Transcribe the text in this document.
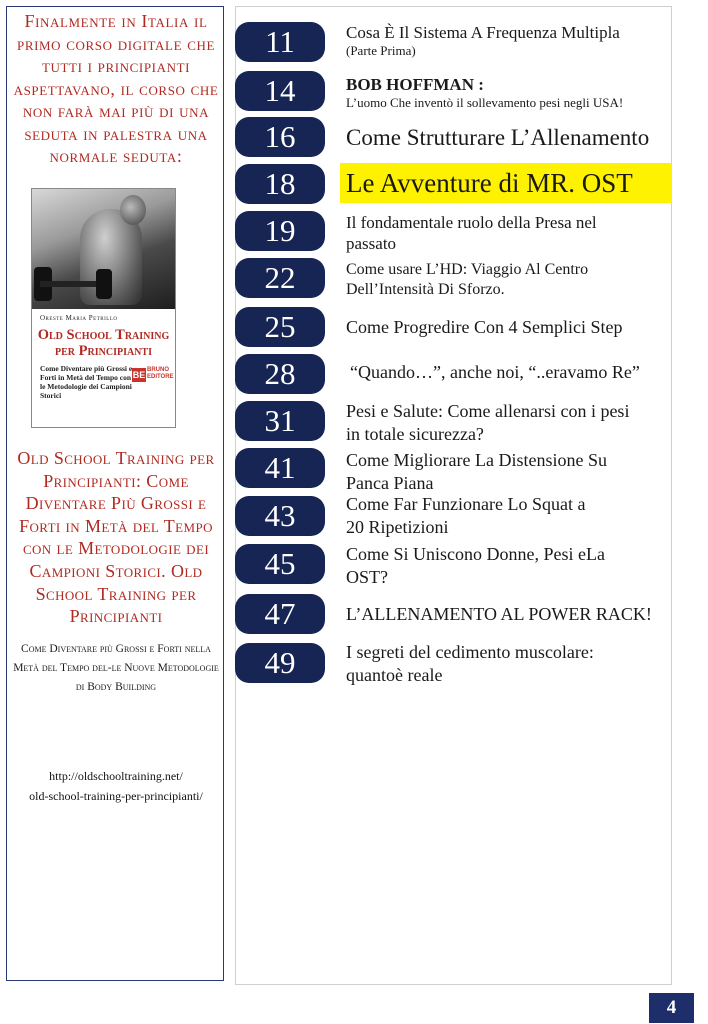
Finalmente in Italia il primo corso digitale che tutti i principianti aspettavano, il corso che non farà mai più di una seduta in palestra una normale seduta:
Oreste Maria Petrillo
Old School Training per Principianti
Come Diventare più Grossi e Forti in Metà del Tempo con le Metodologie dei Campioni Storici
BE BRUNO EDITORE
Old School Training per Principianti: Come Diventare Più Grossi e Forti in Metà del Tempo con le Metodologie dei Campioni Storici. Old School Training per Principianti
Come Diventare più Grossi e Forti nella Metà del Tempo del-le Nuove Metodologie di Body Building
http://oldschooltraining.net/
old-school-training-per-principianti/
11	Cosa È Il Sistema A Frequenza Multipla
(Parte Prima)
14	BOB HOFFMAN :
L’uomo Che inventò il sollevamento pesi negli USA!
16	Come Strutturare L’Allenamento
18	Le Avventure di MR. OST
19	Il fondamentale ruolo della Presa nel
passato
22	Come usare L’HD: Viaggio Al Centro
Dell’Intensità Di Sforzo.
25	Come Progredire Con 4 Semplici Step
28	“Quando…”, anche noi, “..eravamo Re”
31	Pesi e Salute: Come allenarsi con i pesi
in totale sicurezza?
41	Come Migliorare La Distensione Su
Panca Piana
43	Come Far Funzionare Lo Squat a
20 Ripetizioni
45	Come Si Uniscono Donne, Pesi eLa
OST?
47	L’ALLENAMENTO AL POWER RACK!
49	I segreti del cedimento muscolare:
quantoè reale
4
